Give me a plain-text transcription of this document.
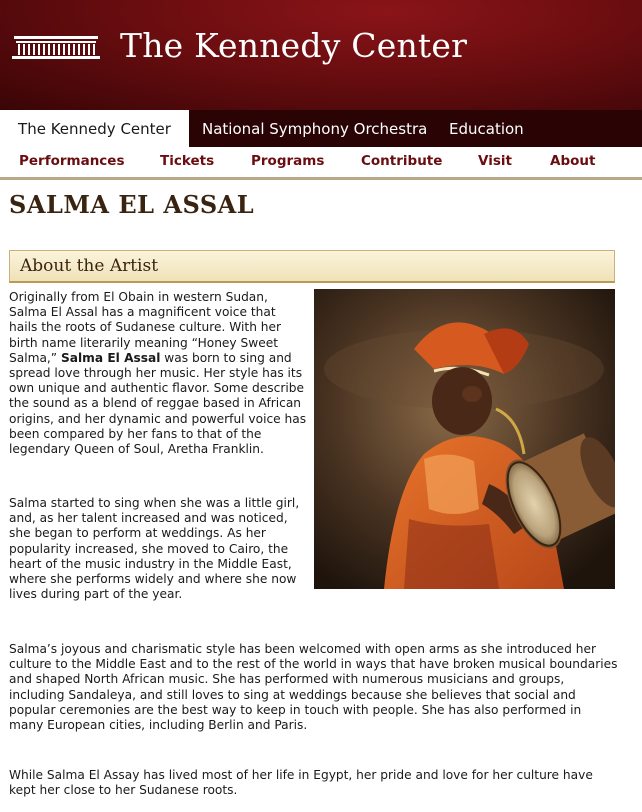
The Kennedy Center
The Kennedy Center	National Symphony Orchestra Education
Performances	Tickets	Programs	Contribute	Visit	About
SALMA EL ASSAL
About the Artist

Originally from El Obain in western Sudan, Salma El Assal has a magnificent voice that hails the roots of Sudanese culture. With her birth name literarily meaning “Honey Sweet Salma,” Salma El Assal was born to sing and spread love through her music. Her style has its own unique and authentic flavor. Some describe the sound as a blend of reggae based in African origins, and her dynamic and powerful voice has been compared by her fans to that of the legendary Queen of Soul, Aretha Franklin.

Salma started to sing when she was a little girl, and, as her talent increased and was noticed, she began to perform at weddings. As her popularity increased, she moved to Cairo, the heart of the music industry in the Middle East, where she performs widely and where she now lives during part of the year.

Salma’s joyous and charismatic style has been welcomed with open arms as she introduced her culture to the Middle East and to the rest of the world in ways that have broken musical boundaries and shaped North African music. She has performed with numerous musicians and groups, including Sandaleya, and still loves to sing at weddings because she believes that social and popular ceremonies are the best way to keep in touch with people. She has also performed in many European cities, including Berlin and Paris.

While Salma El Assay has lived most of her life in Egypt, her pride and love for her culture have kept her close to her Sudanese roots.
